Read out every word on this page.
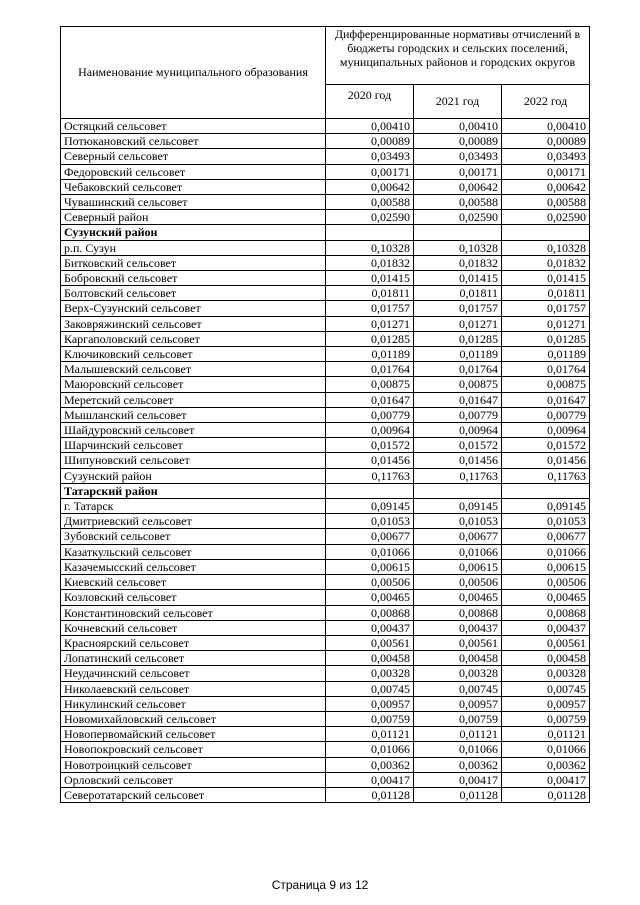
Наименование муниципального образования	Дифференцированные нормативы отчислений в бюджеты городских и сельских поселений, муниципальных районов и городских округов		
	2020 год	2021 год	2022 год
Остяцкий сельсовет	0,00410	0,00410	0,00410
Потюкановский сельсовет	0,00089	0,00089	0,00089
Северный сельсовет	0,03493	0,03493	0,03493
Федоровский сельсовет	0,00171	0,00171	0,00171
Чебаковский сельсовет	0,00642	0,00642	0,00642
Чувашинский сельсовет	0,00588	0,00588	0,00588
Северный район	0,02590	0,02590	0,02590
Сузунский район			
р.п. Сузун	0,10328	0,10328	0,10328
Битковский сельсовет	0,01832	0,01832	0,01832
Бобровский сельсовет	0,01415	0,01415	0,01415
Болтовский сельсовет	0,01811	0,01811	0,01811
Верх-Сузунский сельсовет	0,01757	0,01757	0,01757
Заковряжинский сельсовет	0,01271	0,01271	0,01271
Каргаполовский сельсовет	0,01285	0,01285	0,01285
Ключиковский сельсовет	0,01189	0,01189	0,01189
Малышевский сельсовет	0,01764	0,01764	0,01764
Маюровский сельсовет	0,00875	0,00875	0,00875
Меретский сельсовет	0,01647	0,01647	0,01647
Мышланский сельсовет	0,00779	0,00779	0,00779
Шайдуровский сельсовет	0,00964	0,00964	0,00964
Шарчинский сельсовет	0,01572	0,01572	0,01572
Шипуновский сельсовет	0,01456	0,01456	0,01456
Сузунский район	0,11763	0,11763	0,11763
Татарский район			
г. Татарск	0,09145	0,09145	0,09145
Дмитриевский сельсовет	0,01053	0,01053	0,01053
Зубовский сельсовет	0,00677	0,00677	0,00677
Казаткульский сельсовет	0,01066	0,01066	0,01066
Казачемысский сельсовет	0,00615	0,00615	0,00615
Киевский сельсовет	0,00506	0,00506	0,00506
Козловский сельсовет	0,00465	0,00465	0,00465
Константиновский сельсовет	0,00868	0,00868	0,00868
Кочневский сельсовет	0,00437	0,00437	0,00437
Красноярский сельсовет	0,00561	0,00561	0,00561
Лопатинский сельсовет	0,00458	0,00458	0,00458
Неудачинский сельсовет	0,00328	0,00328	0,00328
Николаевский сельсовет	0,00745	0,00745	0,00745
Никулинский сельсовет	0,00957	0,00957	0,00957
Новомихайловский сельсовет	0,00759	0,00759	0,00759
Новопервомайский сельсовет	0,01121	0,01121	0,01121
Новопокровский сельсовет	0,01066	0,01066	0,01066
Новотроицкий сельсовет	0,00362	0,00362	0,00362
Орловский сельсовет	0,00417	0,00417	0,00417
Северотатарский сельсовет	0,01128	0,01128	0,01128
Страница 9 из 12
